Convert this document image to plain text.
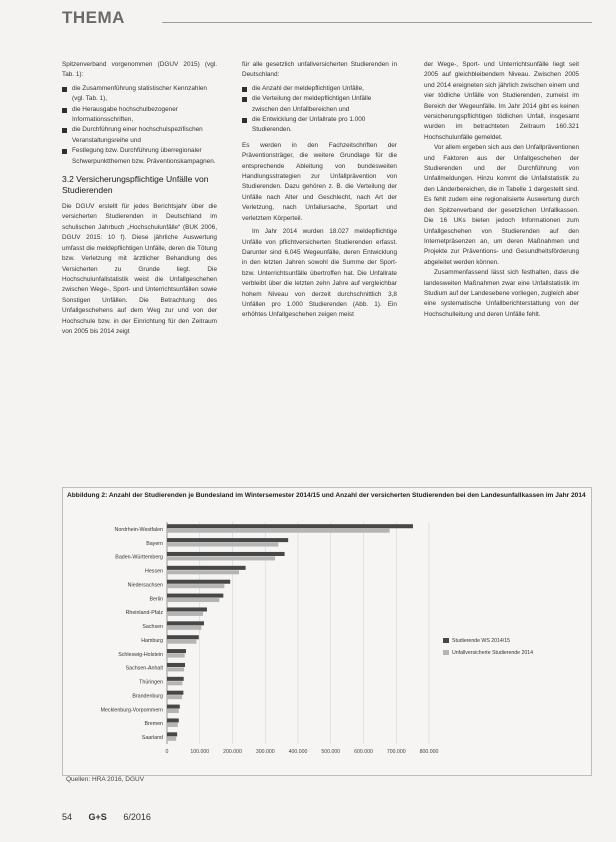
THEMA

Spitzenverband vorgenommen (DGUV 2015) (vgl. Tab. 1):

die Zusammenführung statistischer Kennzahlen (vgl. Tab. 1),
die Herausgabe hochschulbezogener Informationsschriften,
die Durchführung einer hochschulspezifischen Veranstaltungsreihe und
Festlegung bzw. Durchführung überregionaler Schwerpunktthemen bzw. Präventionskampagnen.
3.2 Versicherungspflichtige Unfälle von Studierenden

Die DGUV erstellt für jedes Berichtsjahr über die versicherten Studierenden in Deutschland im schulischen Jahrbuch „Hochschulunfälle“ (BUK 2006, DGUV 2015: 10 f). Diese jährliche Auswertung umfasst die meldepflichtigen Unfälle, deren die Tötung bzw. Verletzung mit ärztlicher Behandlung des Versicherten zu Grunde liegt. Die Hochschulunfallstatistik weist die Unfallgeschehen zwischen Wege-, Sport- und Unterrichtsunfällen sowie Sonstigen Unfällen. Die Betrachtung des Unfallgeschehens auf dem Weg zur und von der Hochschule bzw. in der Einrichtung für den Zeitraum von 2005 bis 2014 zeigt

für alle gesetzlich unfallversicherten Studierenden in Deutschland:

die Anzahl der meldepflichtigen Unfälle,
die Verteilung der meldepflichtigen Unfälle zwischen den Unfallbereichen und
die Entwicklung der Unfallrate pro 1.000 Studierenden.

Es werden in den Fachzeitschriften der Präventionsträger, die weitere Grundlage für die entsprechende Ableitung von bundesweiten Handlungsstrategien zur Unfallprävention von Studierenden. Dazu gehören z. B. die Verteilung der Unfälle nach Alter und Geschlecht, nach Art der Verletzung, nach Unfallursache, Sportart und verletztem Körperteil.

Im Jahr 2014 wurden 18.027 meldepflichtige Unfälle von pflichtversicherten Studierenden erfasst. Darunter sind 6.045 Wegeunfälle, deren Entwicklung in den letzten Jahren sowohl die Summe der Sport- bzw. Unterrichtsunfälle übertroffen hat. Die Unfallrate verbleibt über die letzten zehn Jahre auf vergleichbar hohem Niveau von derzeit durchschnittlich 3,8 Unfällen pro 1.000 Studierenden (Abb. 1). Ein erhöhtes Unfallgeschehen zeigen meist

der Wege-, Sport- und Unterrichtsunfälle liegt seit 2005 auf gleichbleibendem Niveau. Zwischen 2005 und 2014 ereigneten sich jährlich zwischen einem und vier tödliche Unfälle von Studierenden, zumeist im Bereich der Wegeunfälle. Im Jahr 2014 gibt es keinen versicherungspflichtigen tödlichen Unfall, insgesamt wurden im betrachteten Zeitraum 160.321 Hochschulunfälle gemeldet.

Vor allem ergeben sich aus den Unfallpräventionen und Faktoren aus der Unfallgeschehen der Studierenden und der Durchführung von Unfallmeldungen. Hinzu kommt die Unfallstatistik zu den Länderbereichen, die in Tabelle 1 dargestellt sind. Es fehlt zudem eine regionalisierte Auswertung durch den Spitzenverband der gesetzlichen Unfallkassen. Die 16 UKs bieten jedoch Informationen zum Unfallgeschehen von Studierenden auf den Internetpräsenzen an, um deren Maßnahmen und Projekte zur Präventions- und Gesundheitsförderung abgeleitet werden können.

Zusammenfassend lässt sich festhalten, dass die landesweiten Maßnahmen zwar eine Unfallstatistik im Studium auf der Landesebene vorliegen, zugleich aber eine systematische Unfallberichterstattung von der Hochschulleitung und deren Unfälle fehlt.

Abbildung 2: Anzahl der Studierenden je Bundesland im Wintersemester 2014/15 und Anzahl der versicherten Studierenden bei den Landesunfallkassen im Jahr 2014
0	100.000	200.000	300.000	400.000	500.000	600.000	700.000	800.000
Nordrhein-Westfalen
Bayern
Baden-Württemberg
Hessen
Niedersachsen
Berlin
Rheinland-Pfalz
Sachsen
Hamburg
Schleswig-Holstein
Sachsen-Anhalt
Thüringen
Brandenburg
Mecklenburg-Vorpommern
Bremen
Saarland
Studierende WS 2014/15
Unfallversicherte Studierende 2014
Quellen: HRA 2016, DGUV
54 G+S 6/2016
